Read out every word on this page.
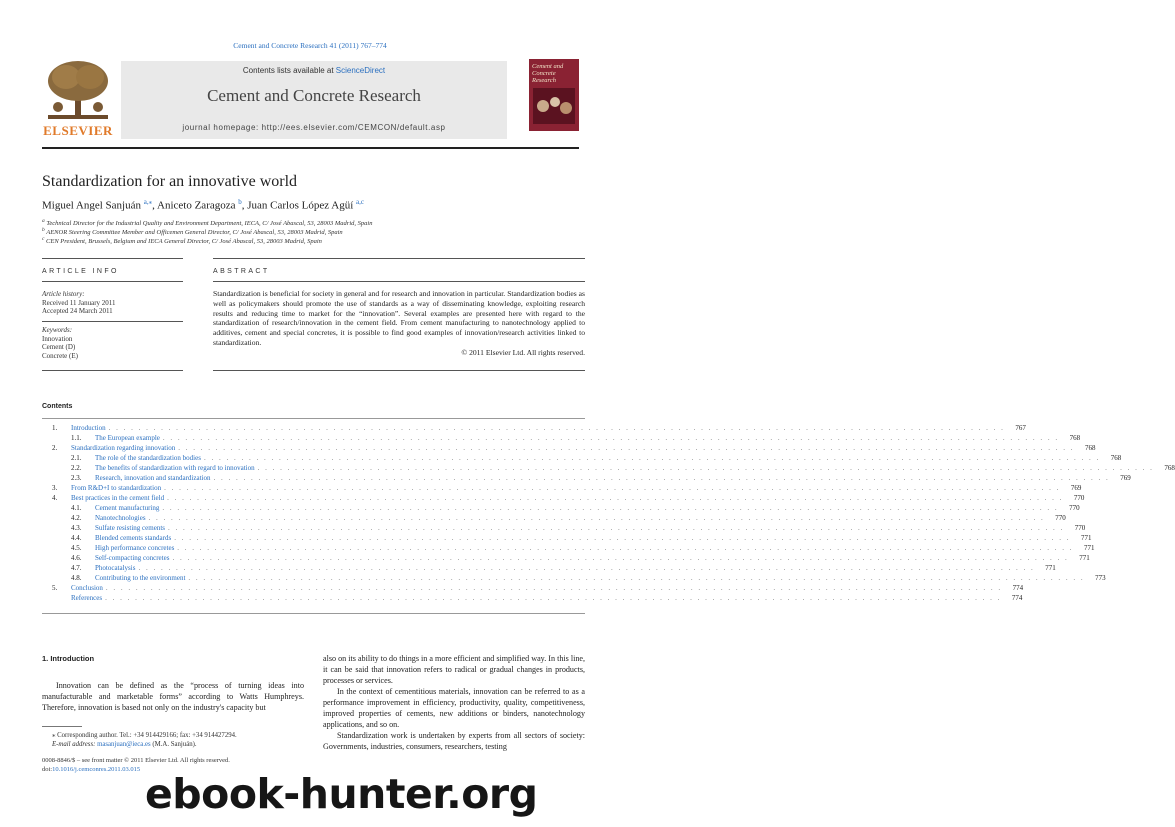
Cement and Concrete Research 41 (2011) 767–774
ELSEVIER
Contents lists available at ScienceDirect
Cement and Concrete Research
journal homepage: http://ees.elsevier.com/CEMCON/default.asp
Cement and Concrete Research
Standardization for an innovative world
Miguel Angel Sanjuán $^{a,⁎}$, Aniceto Zaragoza $^b$, Juan Carlos López Agüí $^{a,c}$
$^a$ Technical Director for the Industrial Quality and Environment Department, IECA, C/ José Abascal, 53, 28003 Madrid, Spain
$^b$ AENOR Steering Committee Member and Officemen General Director, C/ José Abascal, 53, 28003 Madrid, Spain
$^c$ CEN President, Brussels, Belgium and IECA General Director, C/ José Abascal, 53, 28003 Madrid, Spain
ARTICLE INFO
Article history:
Received 11 January 2011
Accepted 24 March 2011
Keywords:
Innovation
Cement (D)
Concrete (E)
ABSTRACT
Standardization is beneficial for society in general and for research and innovation in particular. Standardization bodies as well as policymakers should promote the use of standards as a way of disseminating knowledge, exploiting research results and reducing time to market for the “innovation”. Several examples are presented here with regard to the standardization of research/innovation in the cement field. From cement manufacturing to nanotechnology applied to additives, cement and special concretes, it is possible to find good examples of innovation/research activities linked to standardization.
© 2011 Elsevier Ltd. All rights reserved.
Contents
1.	Introduction . . . . . . . . . . . . . . . . . . . . . . . . . . . . . . . . . . . . . . . . . . . . . . . . . . . . . . . . . . . . . . . . . . . . . . . . . . . . . . . . . . . . . . . . . . . . . . . . . . . . . . . . . . . . . . . . . . . . . . . .	767
1.1.	The European example . . . . . . . . . . . . . . . . . . . . . . . . . . . . . . . . . . . . . . . . . . . . . . . . . . . . . . . . . . . . . . . . . . . . . . . . . . . . . . . . . . . . . . . . . . . . . . . . . . . . . . . . . . . . . . . . . . . . . . . .	768
2.	Standardization regarding innovation . . . . . . . . . . . . . . . . . . . . . . . . . . . . . . . . . . . . . . . . . . . . . . . . . . . . . . . . . . . . . . . . . . . . . . . . . . . . . . . . . . . . . . . . . . . . . . . . . . . . . . . . . . . . . . . . . . . . . . . .	768
2.1.	The role of the standardization bodies . . . . . . . . . . . . . . . . . . . . . . . . . . . . . . . . . . . . . . . . . . . . . . . . . . . . . . . . . . . . . . . . . . . . . . . . . . . . . . . . . . . . . . . . . . . . . . . . . . . . . . . . . . . . . . . . . . . . . . . .	768
2.2.	The benefits of standardization with regard to innovation . . . . . . . . . . . . . . . . . . . . . . . . . . . . . . . . . . . . . . . . . . . . . . . . . . . . . . . . . . . . . . . . . . . . . . . . . . . . . . . . . . . . . . . . . . . . . . . . . . . . . . . . . . . . . . . . . . . . . . . .	768
2.3.	Research, innovation and standardization . . . . . . . . . . . . . . . . . . . . . . . . . . . . . . . . . . . . . . . . . . . . . . . . . . . . . . . . . . . . . . . . . . . . . . . . . . . . . . . . . . . . . . . . . . . . . . . . . . . . . . . . . . . . . . . . . . . . . . . .	769
3.	From R&D+I to standardization . . . . . . . . . . . . . . . . . . . . . . . . . . . . . . . . . . . . . . . . . . . . . . . . . . . . . . . . . . . . . . . . . . . . . . . . . . . . . . . . . . . . . . . . . . . . . . . . . . . . . . . . . . . . . . . . . . . . . . . .	769
4.	Best practices in the cement field . . . . . . . . . . . . . . . . . . . . . . . . . . . . . . . . . . . . . . . . . . . . . . . . . . . . . . . . . . . . . . . . . . . . . . . . . . . . . . . . . . . . . . . . . . . . . . . . . . . . . . . . . . . . . . . . . . . . . . . .	770
4.1.	Cement manufacturing . . . . . . . . . . . . . . . . . . . . . . . . . . . . . . . . . . . . . . . . . . . . . . . . . . . . . . . . . . . . . . . . . . . . . . . . . . . . . . . . . . . . . . . . . . . . . . . . . . . . . . . . . . . . . . . . . . . . . . . .	770
4.2.	Nanotechnologies . . . . . . . . . . . . . . . . . . . . . . . . . . . . . . . . . . . . . . . . . . . . . . . . . . . . . . . . . . . . . . . . . . . . . . . . . . . . . . . . . . . . . . . . . . . . . . . . . . . . . . . . . . . . . . . . . . . . . . . .	770
4.3.	Sulfate resisting cements . . . . . . . . . . . . . . . . . . . . . . . . . . . . . . . . . . . . . . . . . . . . . . . . . . . . . . . . . . . . . . . . . . . . . . . . . . . . . . . . . . . . . . . . . . . . . . . . . . . . . . . . . . . . . . . . . . . . . . . .	770
4.4.	Blended cements standards . . . . . . . . . . . . . . . . . . . . . . . . . . . . . . . . . . . . . . . . . . . . . . . . . . . . . . . . . . . . . . . . . . . . . . . . . . . . . . . . . . . . . . . . . . . . . . . . . . . . . . . . . . . . . . . . . . . . . . . .	771
4.5.	High performance concretes . . . . . . . . . . . . . . . . . . . . . . . . . . . . . . . . . . . . . . . . . . . . . . . . . . . . . . . . . . . . . . . . . . . . . . . . . . . . . . . . . . . . . . . . . . . . . . . . . . . . . . . . . . . . . . . . . . . . . . . .	771
4.6.	Self-compacting concretes . . . . . . . . . . . . . . . . . . . . . . . . . . . . . . . . . . . . . . . . . . . . . . . . . . . . . . . . . . . . . . . . . . . . . . . . . . . . . . . . . . . . . . . . . . . . . . . . . . . . . . . . . . . . . . . . . . . . . . . .	771
4.7.	Photocatalysis . . . . . . . . . . . . . . . . . . . . . . . . . . . . . . . . . . . . . . . . . . . . . . . . . . . . . . . . . . . . . . . . . . . . . . . . . . . . . . . . . . . . . . . . . . . . . . . . . . . . . . . . . . . . . . . . . . . . . . . .	771
4.8.	Contributing to the environment . . . . . . . . . . . . . . . . . . . . . . . . . . . . . . . . . . . . . . . . . . . . . . . . . . . . . . . . . . . . . . . . . . . . . . . . . . . . . . . . . . . . . . . . . . . . . . . . . . . . . . . . . . . . . . . . . . . . . . . .	773
5.	Conclusion . . . . . . . . . . . . . . . . . . . . . . . . . . . . . . . . . . . . . . . . . . . . . . . . . . . . . . . . . . . . . . . . . . . . . . . . . . . . . . . . . . . . . . . . . . . . . . . . . . . . . . . . . . . . . . . . . . . . . . . .	774
References . . . . . . . . . . . . . . . . . . . . . . . . . . . . . . . . . . . . . . . . . . . . . . . . . . . . . . . . . . . . . . . . . . . . . . . . . . . . . . . . . . . . . . . . . . . . . . . . . . . . . . . . . . . . . . . . . . . . . . . .	774
1. Introduction

Innovation can be defined as the “process of turning ideas into manufacturable and marketable forms” according to Watts Humphreys. Therefore, innovation is based not only on the industry's capacity but

also on its ability to do things in a more efficient and simplified way. In this line, it can be said that innovation refers to radical or gradual changes in products, processes or services.

In the context of cementitious materials, innovation can be referred to as a performance improvement in efficiency, productivity, quality, competitiveness, improved properties of cements, new additions or binders, nanotechnology applications, and so on.

Standardization work is undertaken by experts from all sectors of society: Governments, industries, consumers, researchers, testing

⁎ Corresponding author. Tel.: +34 914429166; fax: +34 914427294.
E-mail address: masanjuan@ieca.es (M.A. Sanjuán).
0008-8846/$ – see front matter © 2011 Elsevier Ltd. All rights reserved.
doi:10.1016/j.cemconres.2011.03.015
ebook-hunter.org
